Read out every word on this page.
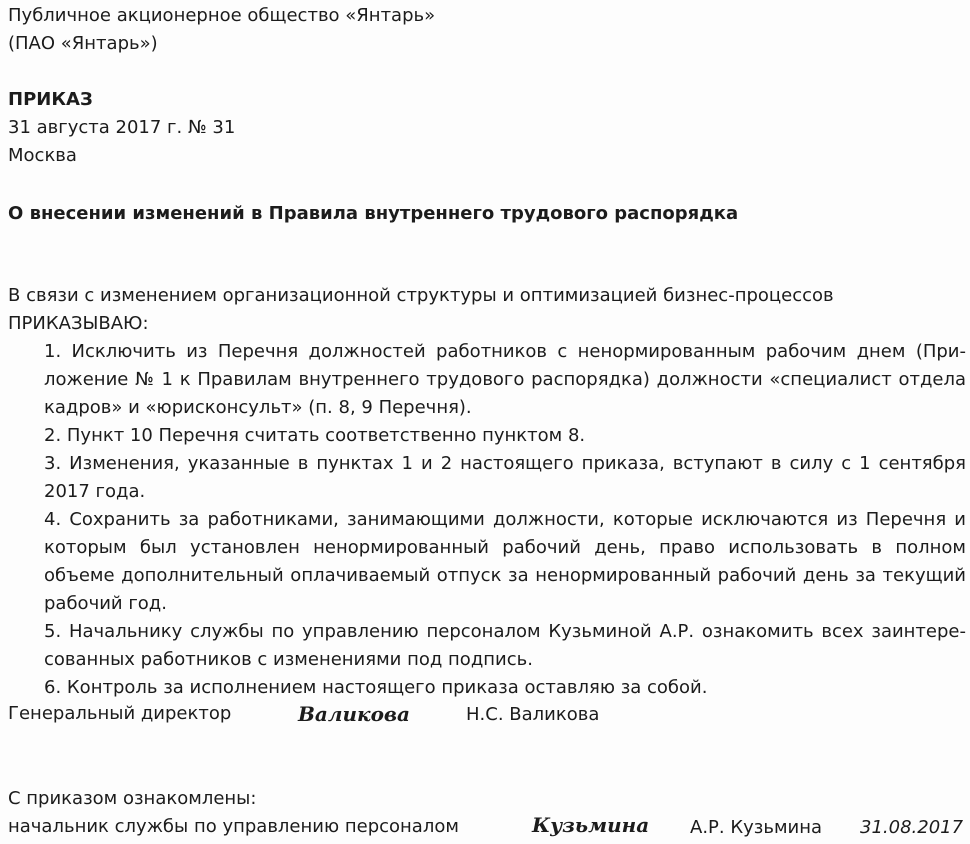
Публичное акционерное общество «Янтарь»
(ПАО «Янтарь»)
ПРИКАЗ
31 августа 2017 г. № 31
Москва
О внесении изменений в Правила внутреннего трудового распорядка
В связи с изменением организационной структуры и оптимизацией бизнес-процессов
ПРИКАЗЫВАЮ:
1. Исключить из Перечня должностей работников с ненормированным рабочим днем (При-ложение № 1 к Правилам внутреннего трудового распорядка) должности «специалист отдела кадров» и «юрисконсульт» (п. 8, 9 Перечня).
2. Пункт 10 Перечня считать соответственно пунктом 8.
3. Изменения, указанные в пунктах 1 и 2 настоящего приказа, вступают в силу с 1 сентября 2017 года.
4. Сохранить за работниками, занимающими должности, которые исключаются из Перечня и которым был установлен ненормированный рабочий день, право использовать в полном объеме дополнительный оплачиваемый отпуск за ненормированный рабочий день за текущий рабочий год.
5. Начальнику службы по управлению персоналом Кузьминой А.Р. ознакомить всех заинтере-сованных работников с изменениями под подпись.
6. Контроль за исполнением настоящего приказа оставляю за собой.
Генеральный директор	Валикова	Н.С. Валикова
С приказом ознакомлены:
начальник службы по управлению персоналом	Кузьмина А.Р. Кузьмина 31.08.2017
